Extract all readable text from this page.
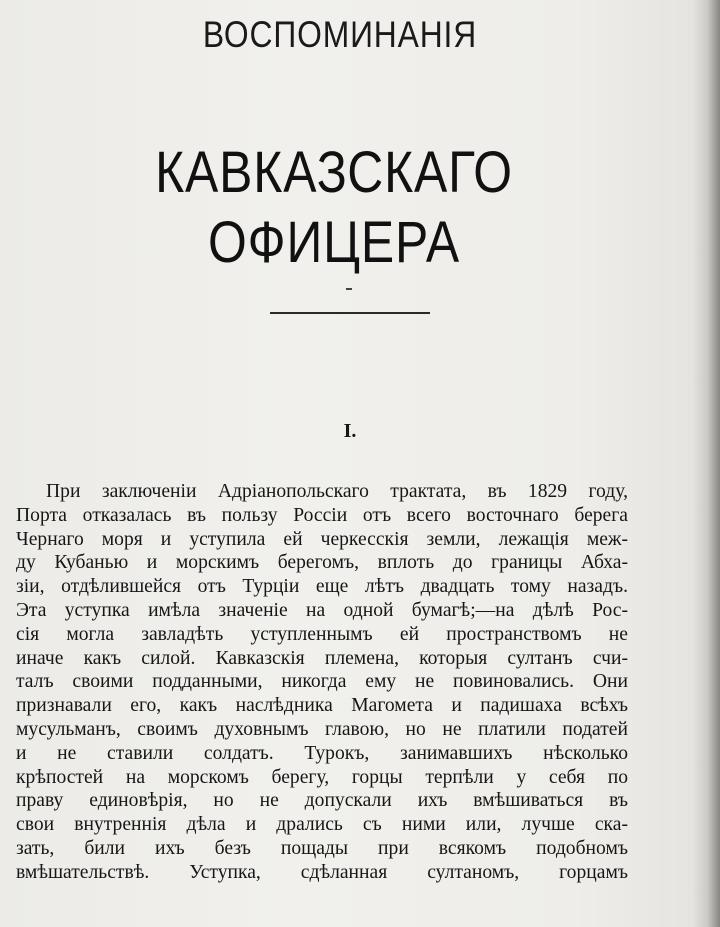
ВОСПОМИНАНІЯ
КАВКАЗСКАГО ОФИЦЕРА
I.
При заключеніи Адріанопольскаго трактата, въ 1829 году,
Порта отказалась въ пользу Россіи отъ всего восточнаго берега
Чернаго моря и уступила ей черкесскія земли, лежащія меж-
ду Кубанью и морскимъ берегомъ, вплоть до границы Абха-
зіи, отдѣлившейся отъ Турціи еще лѣтъ двадцать тому назадъ.
Эта уступка имѣла значеніе на одной бумагѣ;—на дѣлѣ Рос-
сія могла завладѣть уступленнымъ ей пространствомъ не
иначе какъ силой. Кавказскія племена, которыя султанъ счи-
талъ своими подданными, никогда ему не повиновались. Они
признавали его, какъ наслѣдника Магомета и падишаха всѣхъ
мусульманъ, своимъ духовнымъ главою, но не платили податей
и не ставили солдатъ. Турокъ, занимавшихъ нѣсколько
крѣпостей на морскомъ берегу, горцы терпѣли у себя по
праву единовѣрія, но не допускали ихъ вмѣшиваться въ
свои внутреннія дѣла и дрались съ ними или, лучше ска-
зать, били ихъ безъ пощады при всякомъ подобномъ
вмѣшательствѣ. Уступка, сдѣланная султаномъ, горцамъ
